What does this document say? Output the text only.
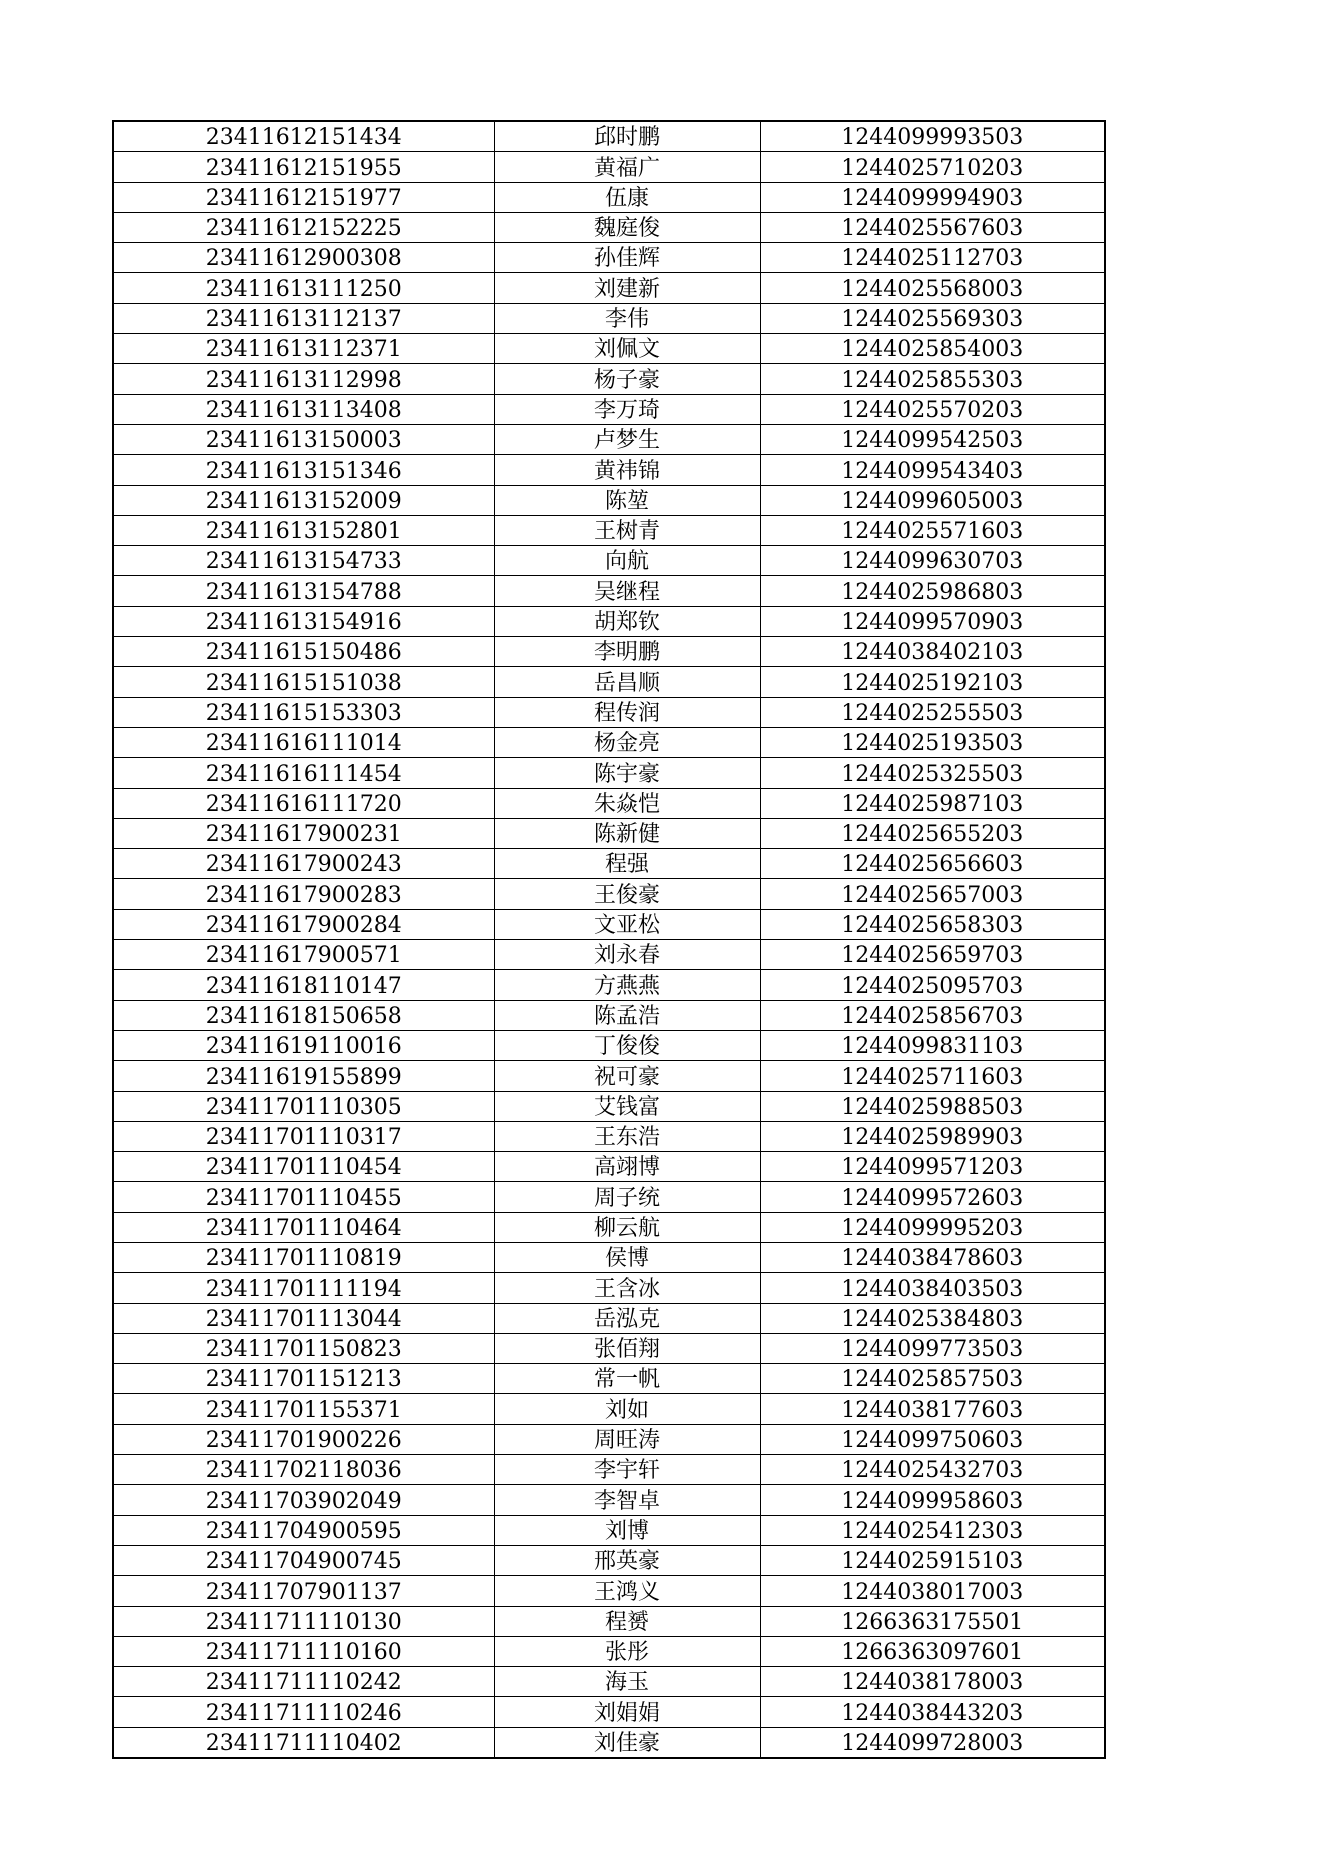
23411612151434	邱时鹏	1244099993503
23411612151955	黄福广	1244025710203
23411612151977	伍康	1244099994903
23411612152225	魏庭俊	1244025567603
23411612900308	孙佳辉	1244025112703
23411613111250	刘建新	1244025568003
23411613112137	李伟	1244025569303
23411613112371	刘佩文	1244025854003
23411613112998	杨子豪	1244025855303
23411613113408	李万琦	1244025570203
23411613150003	卢梦生	1244099542503
23411613151346	黄祎锦	1244099543403
23411613152009	陈堃	1244099605003
23411613152801	王树青	1244025571603
23411613154733	向航	1244099630703
23411613154788	吴继程	1244025986803
23411613154916	胡郑钦	1244099570903
23411615150486	李明鹏	1244038402103
23411615151038	岳昌顺	1244025192103
23411615153303	程传润	1244025255503
23411616111014	杨金亮	1244025193503
23411616111454	陈宇豪	1244025325503
23411616111720	朱焱恺	1244025987103
23411617900231	陈新健	1244025655203
23411617900243	程强	1244025656603
23411617900283	王俊豪	1244025657003
23411617900284	文亚松	1244025658303
23411617900571	刘永春	1244025659703
23411618110147	方燕燕	1244025095703
23411618150658	陈孟浩	1244025856703
23411619110016	丁俊俊	1244099831103
23411619155899	祝可豪	1244025711603
23411701110305	艾钱富	1244025988503
23411701110317	王东浩	1244025989903
23411701110454	高翊博	1244099571203
23411701110455	周子统	1244099572603
23411701110464	柳云航	1244099995203
23411701110819	侯博	1244038478603
23411701111194	王含冰	1244038403503
23411701113044	岳泓克	1244025384803
23411701150823	张佰翔	1244099773503
23411701151213	常一帆	1244025857503
23411701155371	刘如	1244038177603
23411701900226	周旺涛	1244099750603
23411702118036	李宇轩	1244025432703
23411703902049	李智卓	1244099958603
23411704900595	刘博	1244025412303
23411704900745	邢英豪	1244025915103
23411707901137	王鸿义	1244038017003
23411711110130	程赟	1266363175501
23411711110160	张彤	1266363097601
23411711110242	海玉	1244038178003
23411711110246	刘娟娟	1244038443203
23411711110402	刘佳豪	1244099728003
